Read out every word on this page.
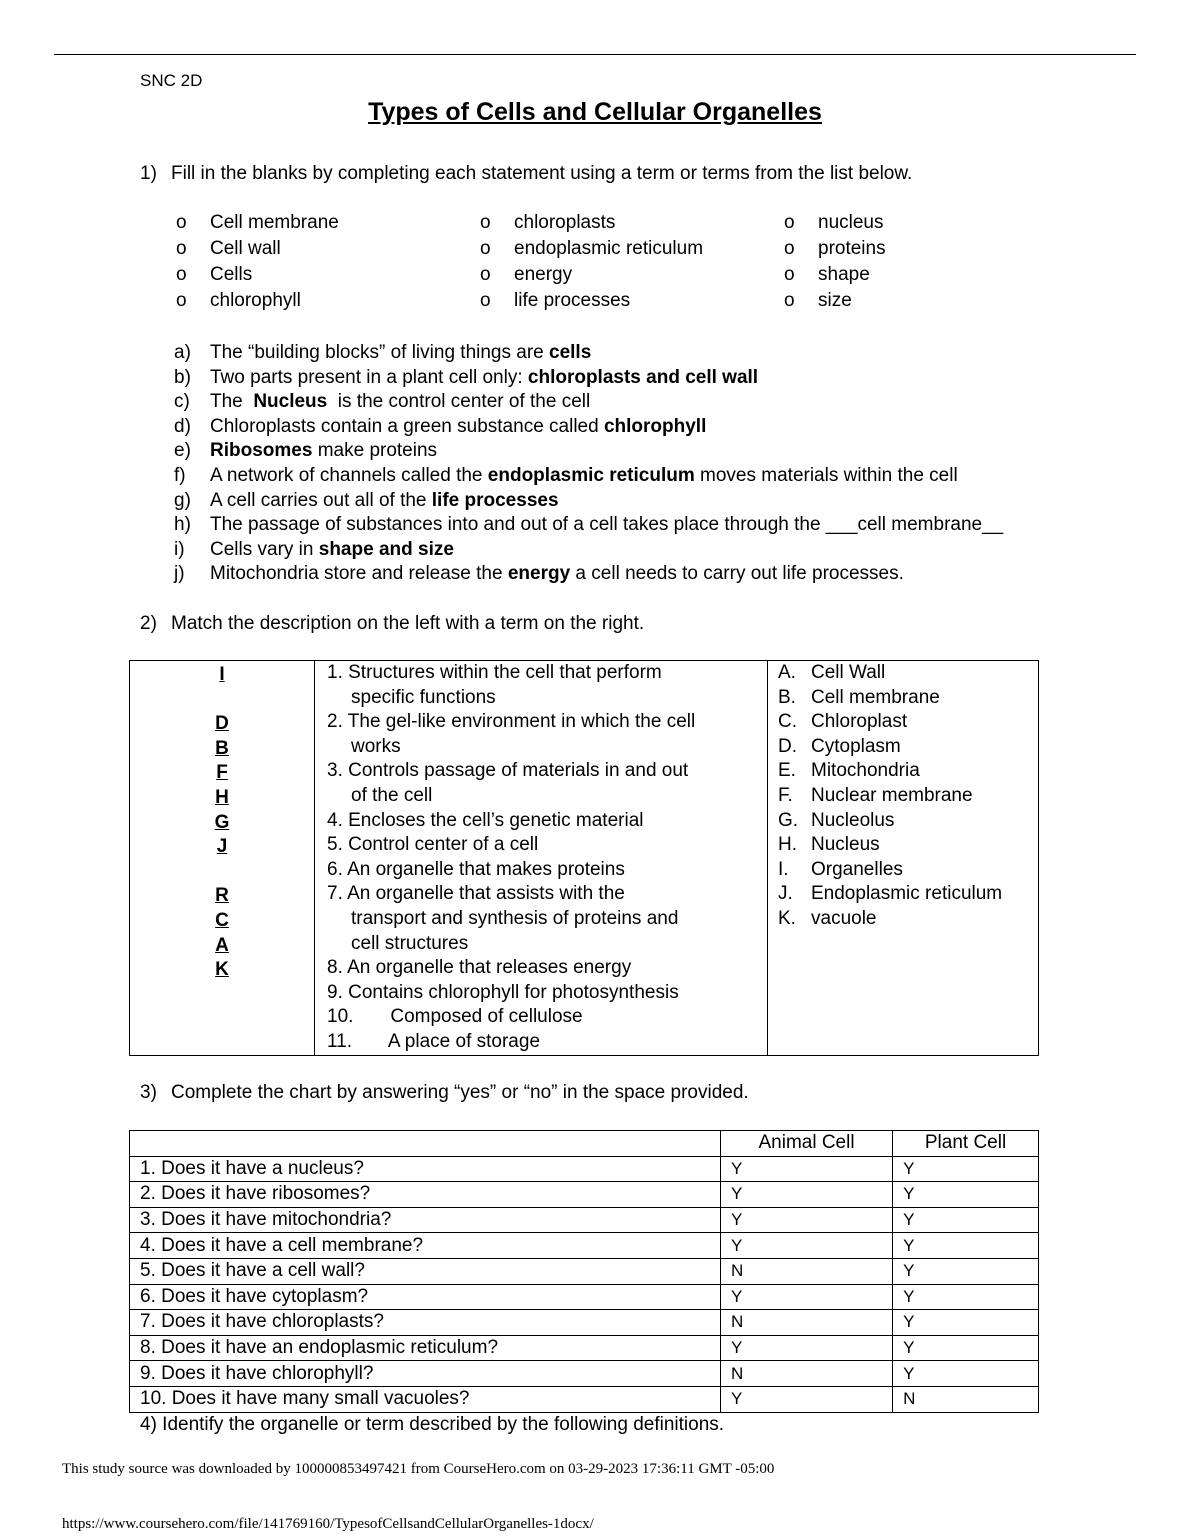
SNC 2D
Types of Cells and Cellular Organelles
1) Fill in the blanks by completing each statement using a term or terms from the list below.
o Cell membrane
o Cell wall
o Cells
o chlorophyll
o chloroplasts
o endoplasmic reticulum
o energy
o life processes
o nucleus
o proteins
o shape
o size
a) The “building blocks” of living things are cells
b) Two parts present in a plant cell only: chloroplasts and cell wall
c) The  Nucleus  is the control center of the cell
d) Chloroplasts contain a green substance called chlorophyll
e) Ribosomes make proteins
f) A network of channels called the endoplasmic reticulum moves materials within the cell
g) A cell carries out all of the life processes
h) The passage of substances into and out of a cell takes place through the ___cell membrane__
i) Cells vary in shape and size
j) Mitochondria store and release the energy a cell needs to carry out life processes.
2) Match the description on the left with a term on the right.
I
D
B
F
H
G
J
R
C
A
K

1. Structures within the cell that perform
specific functions
2. The gel-like environment in which the cell
works
3. Controls passage of materials in and out
of the cell
4. Encloses the cell’s genetic material
5. Control center of a cell
6. An organelle that makes proteins
7. An organelle that assists with the
transport and synthesis of proteins and
cell structures
8. An organelle that releases energy
9. Contains chlorophyll for photosynthesis
10.       Composed of cellulose
11.       A place of storage

A. Cell Wall
B. Cell membrane
C. Chloroplast
D. Cytoplasm
E. Mitochondria
F. Nuclear membrane
G. Nucleolus
H. Nucleus
I. Organelles
J. Endoplasmic reticulum
K. vacuole
3) Complete the chart by answering “yes” or “no” in the space provided.
	Animal Cell	Plant Cell
1. Does it have a nucleus?	Y	Y
2. Does it have ribosomes?	Y	Y
3. Does it have mitochondria?	Y	Y
4. Does it have a cell membrane?	Y	Y
5. Does it have a cell wall?	N	Y
6. Does it have cytoplasm?	Y	Y
7. Does it have chloroplasts?	N	Y
8. Does it have an endoplasmic reticulum?	Y	Y
9. Does it have chlorophyll?	N	Y
10. Does it have many small vacuoles?	Y	N
4) Identify the organelle or term described by the following definitions.
This study source was downloaded by 100000853497421 from CourseHero.com on 03-29-2023 17:36:11 GMT -05:00
https://www.coursehero.com/file/141769160/TypesofCellsandCellularOrganelles-1docx/
